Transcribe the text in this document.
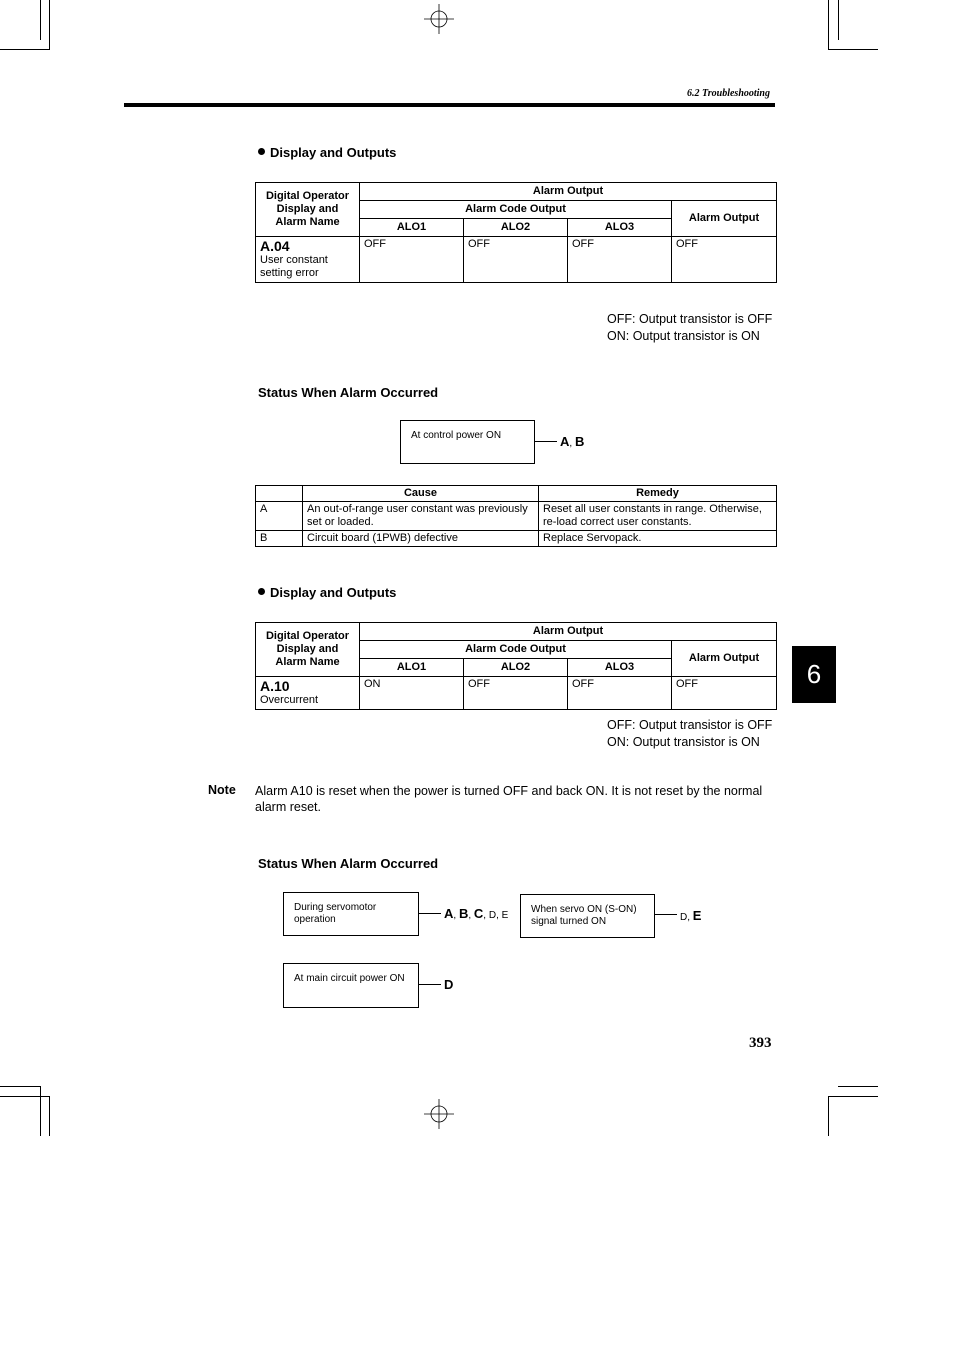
6.2 Troubleshooting
Display and Outputs
Digital Operator Display and Alarm Name	Alarm Output			
	Alarm Code Output			Alarm Output
	ALO1	ALO2	ALO3	

A.04
User constant setting error	OFF	OFF	OFF	OFF
OFF: Output transistor is OFF
ON: Output transistor is ON
Status When Alarm Occurred
At control power ON	A, B
	Cause	Remedy
A	An out-of-range user constant was previously set or loaded.	Reset all user constants in range. Otherwise, re-load correct user constants.
B	Circuit board (1PWB) defective	Replace Servopack.
Display and Outputs
Digital Operator Display and Alarm Name	Alarm Output			
	Alarm Code Output			Alarm Output
	ALO1	ALO2	ALO3	

A.10
Overcurrent	ON	OFF	OFF	OFF
OFF: Output transistor is OFF
ON: Output transistor is ON
Note Alarm A10 is reset when the power is turned OFF and back ON. It is not reset by the normal alarm reset.
Status When Alarm Occurred
During servomotor operation	A, B, C, D, E
When servo ON (S-ON) signal turned ON	D, E
At main circuit power ON	D
393
6
